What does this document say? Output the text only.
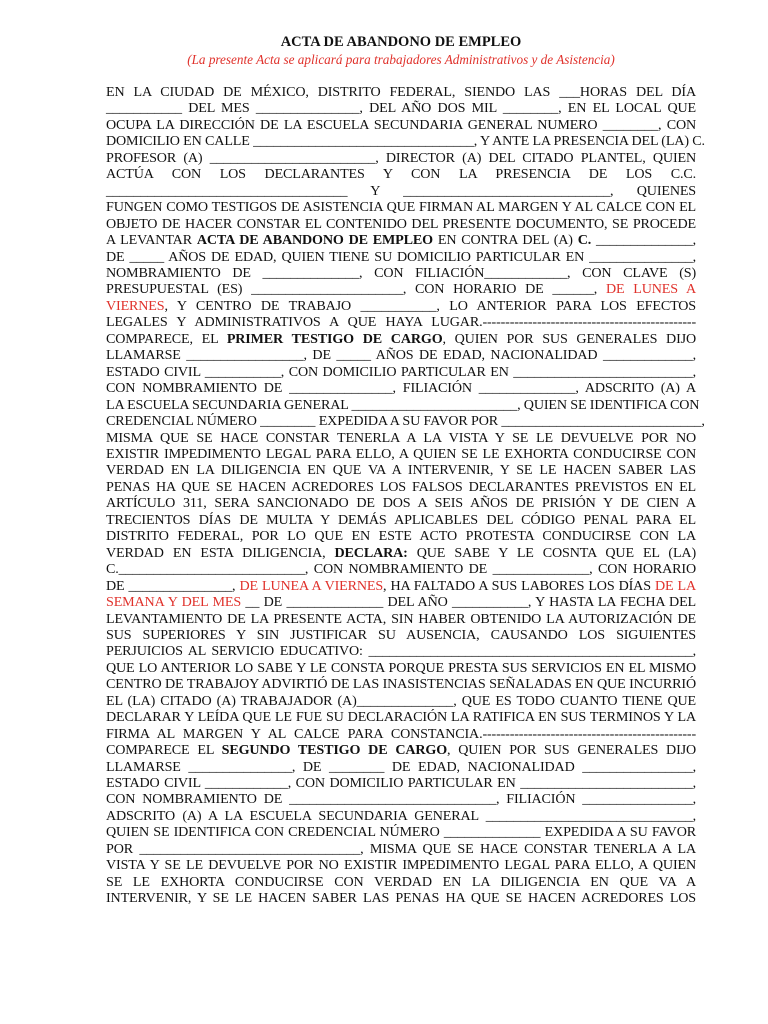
ACTA DE ABANDONO DE EMPLEO
(La presente Acta se aplicará para trabajadores Administrativos y de Asistencia)

EN LA CIUDAD DE MÉXICO, DISTRITO FEDERAL, SIENDO LAS ___HORAS DEL DÍA

___________ DEL MES _______________, DEL AÑO DOS MIL ________, EN EL LOCAL QUE

OCUPA LA DIRECCIÓN DE LA ESCUELA SECUNDARIA GENERAL NUMERO ________, CON

DOMICILIO EN CALLE ________________________________, Y ANTE LA PRESENCIA DEL (LA) C.

PROFESOR (A) ________________________, DIRECTOR (A) DEL CITADO PLANTEL, QUIEN

ACTÚA CON LOS DECLARANTES Y CON LA PRESENCIA DE LOS C.C.

___________________________________ Y ______________________________, QUIENES

FUNGEN COMO TESTIGOS DE ASISTENCIA QUE FIRMAN AL MARGEN Y AL CALCE CON EL

OBJETO DE HACER CONSTAR EL CONTENIDO DEL PRESENTE DOCUMENTO, SE PROCEDE

A LEVANTAR ACTA DE ABANDONO DE EMPLEO EN CONTRA DEL (A) C. ______________,

DE _____ AÑOS DE EDAD, QUIEN TIENE SU DOMICILIO PARTICULAR EN _______________,

NOMBRAMIENTO DE ______________, CON FILIACIÓN____________, CON CLAVE (S)

PRESUPUESTAL (ES) ______________________, CON HORARIO DE ______, DE LUNES A

VIERNES, Y CENTRO DE TRABAJO ___________, LO ANTERIOR PARA LOS EFECTOS

LEGALES Y ADMINISTRATIVOS A QUE HAYA LUGAR.-----------------------------------------------

COMPARECE, EL PRIMER TESTIGO DE CARGO, QUIEN POR SUS GENERALES DIJO

LLAMARSE _________________, DE _____ AÑOS DE EDAD, NACIONALIDAD _____________,

ESTADO CIVIL ___________, CON DOMICILIO PARTICULAR EN __________________________,

CON NOMBRAMIENTO DE _______________, FILIACIÓN ______________, ADSCRITO (A) A

LA ESCUELA SECUNDARIA GENERAL ________________________, QUIEN SE IDENTIFICA CON

CREDENCIAL NÚMERO ________ EXPEDIDA A SU FAVOR POR _____________________________,

MISMA QUE SE HACE CONSTAR TENERLA A LA VISTA Y SE LE DEVUELVE POR NO

EXISTIR IMPEDIMENTO LEGAL PARA ELLO, A QUIEN SE LE EXHORTA CONDUCIRSE CON

VERDAD EN LA DILIGENCIA EN QUE VA A INTERVENIR, Y SE LE HACEN SABER LAS

PENAS HA QUE SE HACEN ACREDORES LOS FALSOS DECLARANTES PREVISTOS EN EL

ARTÍCULO 311, SERA SANCIONADO DE DOS A SEIS AÑOS DE PRISIÓN Y DE CIEN A

TRECIENTOS DÍAS DE MULTA Y DEMÁS APLICABLES DEL CÓDIGO PENAL PARA EL

DISTRITO FEDERAL, POR LO QUE EN ESTE ACTO PROTESTA CONDUCIRSE CON LA

VERDAD EN ESTA DILIGENCIA, DECLARA: QUE SABE Y LE COSNTA QUE EL (LA)

C.___________________________, CON NOMBRAMIENTO DE ______________, CON HORARIO

DE _______________, DE LUNEA A VIERNES, HA FALTADO A SUS LABORES LOS DÍAS DE LA

SEMANA Y DEL MES __ DE ______________ DEL AÑO ___________, Y HASTA LA FECHA DEL

LEVANTAMIENTO DE LA PRESENTE ACTA, SIN HABER OBTENIDO LA AUTORIZACIÓN DE

SUS SUPERIORES Y SIN JUSTIFICAR SU AUSENCIA, CAUSANDO LOS SIGUIENTES

PERJUICIOS AL SERVICIO EDUCATIVO: _______________________________________________,

QUE LO ANTERIOR LO SABE Y LE CONSTA PORQUE PRESTA SUS SERVICIOS EN EL MISMO

CENTRO DE TRABAJOY ADVIRTIÓ DE LAS INASISTENCIAS SEÑALADAS EN QUE INCURRIÓ

EL (LA) CITADO (A) TRABAJADOR (A)______________, QUE ES TODO CUANTO TIENE QUE

DECLARAR Y LEÍDA QUE LE FUE SU DECLARACIÓN LA RATIFICA EN SUS TERMINOS Y LA

FIRMA AL MARGEN Y AL CALCE PARA CONSTANCIA.-----------------------------------------------

COMPARECE EL SEGUNDO TESTIGO DE CARGO, QUIEN POR SUS GENERALES DIJO

LLAMARSE _______________, DE ________ DE EDAD, NACIONALIDAD ________________,

ESTADO CIVIL ____________, CON DOMICILIO PARTICULAR EN _________________________,

CON NOMBRAMIENTO DE ______________________________, FILIACIÓN ________________,

ADSCRITO (A) A LA ESCUELA SECUNDARIA GENERAL ______________________________,

QUIEN SE IDENTIFICA CON CREDENCIAL NÚMERO ______________ EXPEDIDA A SU FAVOR

POR ________________________________, MISMA QUE SE HACE CONSTAR TENERLA A LA

VISTA Y SE LE DEVUELVE POR NO EXISTIR IMPEDIMENTO LEGAL PARA ELLO, A QUIEN

SE LE EXHORTA CONDUCIRSE CON VERDAD EN LA DILIGENCIA EN QUE VA A

INTERVENIR, Y SE LE HACEN SABER LAS PENAS HA QUE SE HACEN ACREDORES LOS
